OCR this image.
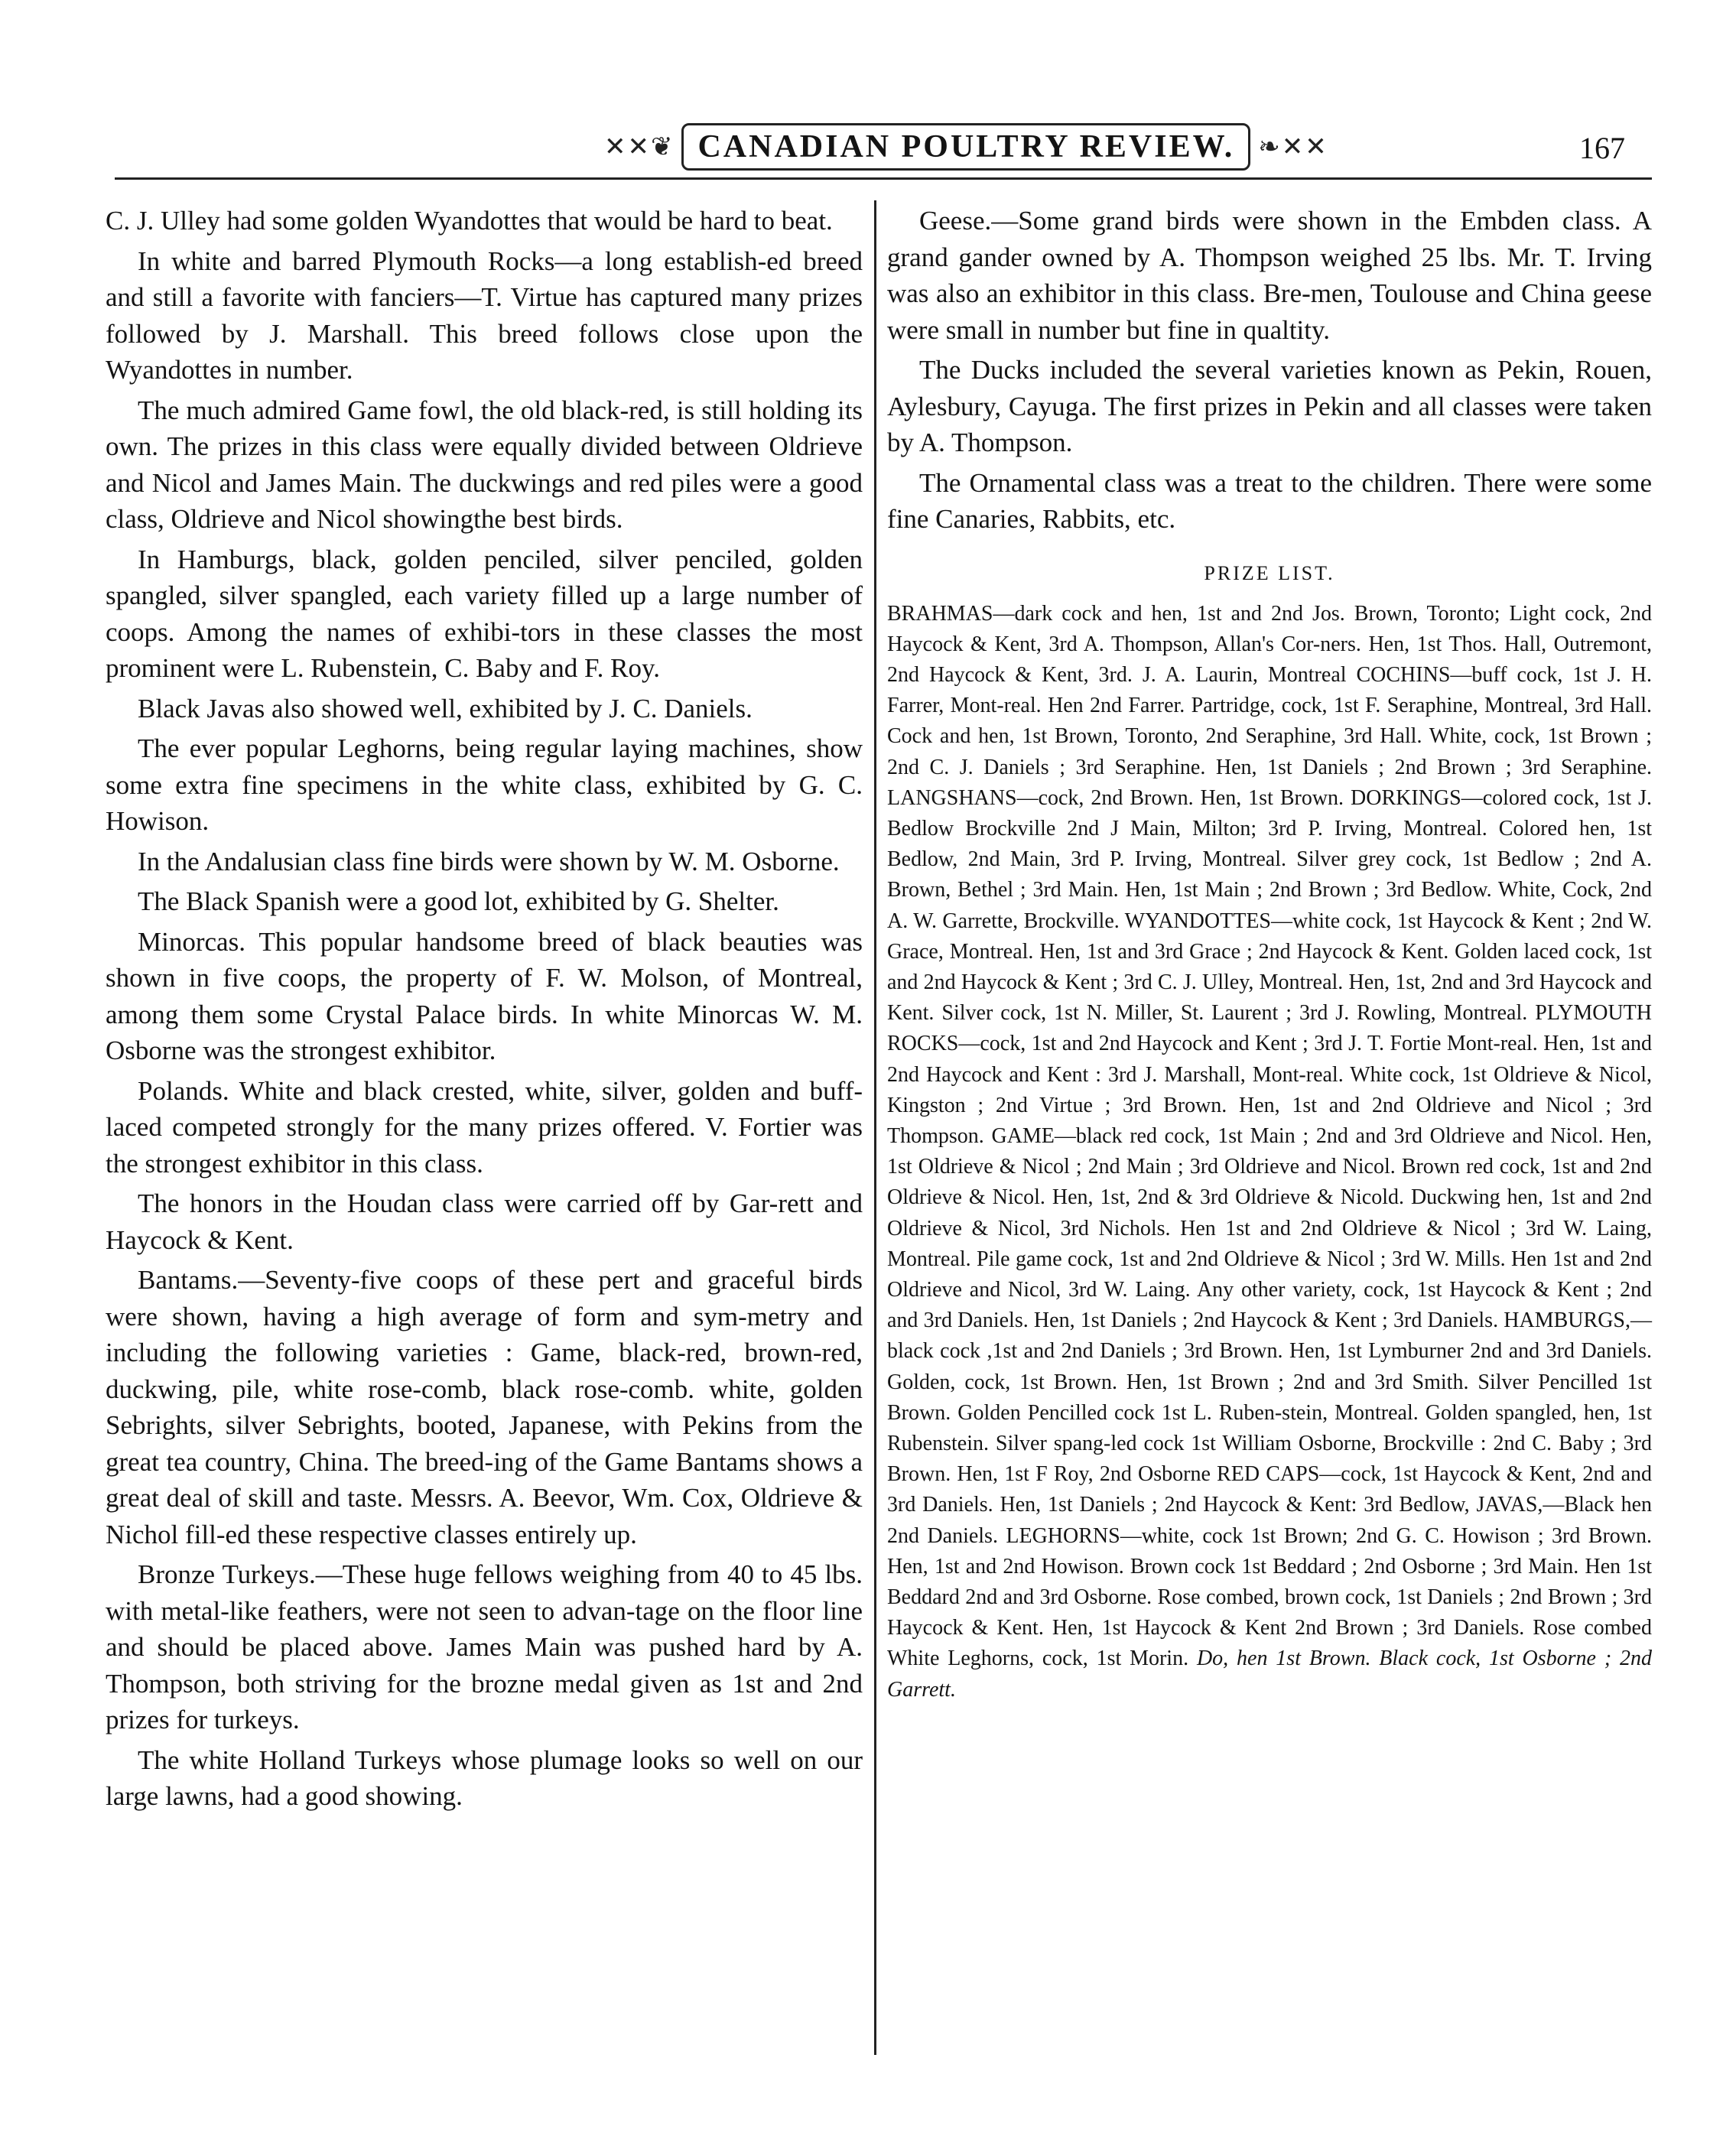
✕✕❦ CANADIAN POULTRY REVIEW. ❧✕✕	167

C. J. Ulley had some golden Wyandottes that would be hard to beat.

In white and barred Plymouth Rocks—a long establish-ed breed and still a favorite with fanciers—T. Virtue has captured many prizes followed by J. Marshall. This breed follows close upon the Wyandottes in number.

The much admired Game fowl, the old black-red, is still holding its own. The prizes in this class were equally divided between Oldrieve and Nicol and James Main. The duckwings and red piles were a good class, Oldrieve and Nicol showingthe best birds.

In Hamburgs, black, golden penciled, silver penciled, golden spangled, silver spangled, each variety filled up a large number of coops. Among the names of exhibi-tors in these classes the most prominent were L. Rubenstein, C. Baby and F. Roy.

Black Javas also showed well, exhibited by J. C. Daniels.

The ever popular Leghorns, being regular laying machines, show some extra fine specimens in the white class, exhibited by G. C. Howison.

In the Andalusian class fine birds were shown by W. M. Osborne.

The Black Spanish were a good lot, exhibited by G. Shelter.

Minorcas. This popular handsome breed of black beauties was shown in five coops, the property of F. W. Molson, of Montreal, among them some Crystal Palace birds. In white Minorcas W. M. Osborne was the strongest exhibitor.

Polands. White and black crested, white, silver, golden and buff-laced competed strongly for the many prizes offered. V. Fortier was the strongest exhibitor in this class.

The honors in the Houdan class were carried off by Gar-rett and Haycock & Kent.

Bantams.—Seventy-five coops of these pert and graceful birds were shown, having a high average of form and sym-metry and including the following varieties : Game, black-red, brown-red, duckwing, pile, white rose-comb, black rose-comb. white, golden Sebrights, silver Sebrights, booted, Japanese, with Pekins from the great tea country, China. The breed-ing of the Game Bantams shows a great deal of skill and taste. Messrs. A. Beevor, Wm. Cox, Oldrieve & Nichol fill-ed these respective classes entirely up.

Bronze Turkeys.—These huge fellows weighing from 40 to 45 lbs. with metal-like feathers, were not seen to advan-tage on the floor line and should be placed above. James Main was pushed hard by A. Thompson, both striving for the brozne medal given as 1st and 2nd prizes for turkeys.

The white Holland Turkeys whose plumage looks so well on our large lawns, had a good showing.

Geese.—Some grand birds were shown in the Embden class. A grand gander owned by A. Thompson weighed 25 lbs. Mr. T. Irving was also an exhibitor in this class. Bre-men, Toulouse and China geese were small in number but fine in qualtity.

The Ducks included the several varieties known as Pekin, Rouen, Aylesbury, Cayuga. The first prizes in Pekin and all classes were taken by A. Thompson.

The Ornamental class was a treat to the children. There were some fine Canaries, Rabbits, etc.

PRIZE LIST.

BRAHMAS—dark cock and hen, 1st and 2nd Jos. Brown, Toronto; Light cock, 2nd Haycock & Kent, 3rd A. Thompson, Allan's Cor-ners. Hen, 1st Thos. Hall, Outremont, 2nd Haycock & Kent, 3rd. J. A. Laurin, Montreal COCHINS—buff cock, 1st J. H. Farrer, Mont-real. Hen 2nd Farrer. Partridge, cock, 1st F. Seraphine, Montreal, 3rd Hall. Cock and hen, 1st Brown, Toronto, 2nd Seraphine, 3rd Hall. White, cock, 1st Brown ; 2nd C. J. Daniels ; 3rd Seraphine. Hen, 1st Daniels ; 2nd Brown ; 3rd Seraphine. LANGSHANS—cock, 2nd Brown. Hen, 1st Brown. DORKINGS—colored cock, 1st J. Bedlow Brockville 2nd J Main, Milton; 3rd P. Irving, Montreal. Colored hen, 1st Bedlow, 2nd Main, 3rd P. Irving, Montreal. Silver grey cock, 1st Bedlow ; 2nd A. Brown, Bethel ; 3rd Main. Hen, 1st Main ; 2nd Brown ; 3rd Bedlow. White, Cock, 2nd A. W. Garrette, Brockville. WYANDOTTES—white cock, 1st Haycock & Kent ; 2nd W. Grace, Montreal. Hen, 1st and 3rd Grace ; 2nd Haycock & Kent. Golden laced cock, 1st and 2nd Haycock & Kent ; 3rd C. J. Ulley, Montreal. Hen, 1st, 2nd and 3rd Haycock and Kent. Silver cock, 1st N. Miller, St. Laurent ; 3rd J. Rowling, Montreal. PLYMOUTH ROCKS—cock, 1st and 2nd Haycock and Kent ; 3rd J. T. Fortie Mont-real. Hen, 1st and 2nd Haycock and Kent : 3rd J. Marshall, Mont-real. White cock, 1st Oldrieve & Nicol, Kingston ; 2nd Virtue ; 3rd Brown. Hen, 1st and 2nd Oldrieve and Nicol ; 3rd Thompson. GAME—black red cock, 1st Main ; 2nd and 3rd Oldrieve and Nicol. Hen, 1st Oldrieve & Nicol ; 2nd Main ; 3rd Oldrieve and Nicol. Brown red cock, 1st and 2nd Oldrieve & Nicol. Hen, 1st, 2nd & 3rd Oldrieve & Nicold. Duckwing hen, 1st and 2nd Oldrieve & Nicol, 3rd Nichols. Hen 1st and 2nd Oldrieve & Nicol ; 3rd W. Laing, Montreal. Pile game cock, 1st and 2nd Oldrieve & Nicol ; 3rd W. Mills. Hen 1st and 2nd Oldrieve and Nicol, 3rd W. Laing. Any other variety, cock, 1st Haycock & Kent ; 2nd and 3rd Daniels. Hen, 1st Daniels ; 2nd Haycock & Kent ; 3rd Daniels. HAMBURGS,—black cock ,1st and 2nd Daniels ; 3rd Brown. Hen, 1st Lymburner 2nd and 3rd Daniels. Golden, cock, 1st Brown. Hen, 1st Brown ; 2nd and 3rd Smith. Silver Pencilled 1st Brown. Golden Pencilled cock 1st L. Ruben-stein, Montreal. Golden spangled, hen, 1st Rubenstein. Silver spang-led cock 1st William Osborne, Brockville : 2nd C. Baby ; 3rd Brown. Hen, 1st F Roy, 2nd Osborne RED CAPS—cock, 1st Haycock & Kent, 2nd and 3rd Daniels. Hen, 1st Daniels ; 2nd Haycock & Kent: 3rd Bedlow, JAVAS,—Black hen 2nd Daniels. LEGHORNS—white, cock 1st Brown; 2nd G. C. Howison ; 3rd Brown. Hen, 1st and 2nd Howison. Brown cock 1st Beddard ; 2nd Osborne ; 3rd Main. Hen 1st Beddard 2nd and 3rd Osborne. Rose combed, brown cock, 1st Daniels ; 2nd Brown ; 3rd Haycock & Kent. Hen, 1st Haycock & Kent 2nd Brown ; 3rd Daniels. Rose combed White Leghorns, cock, 1st Morin. Do, hen 1st Brown. Black cock, 1st Osborne ; 2nd Garrett.
